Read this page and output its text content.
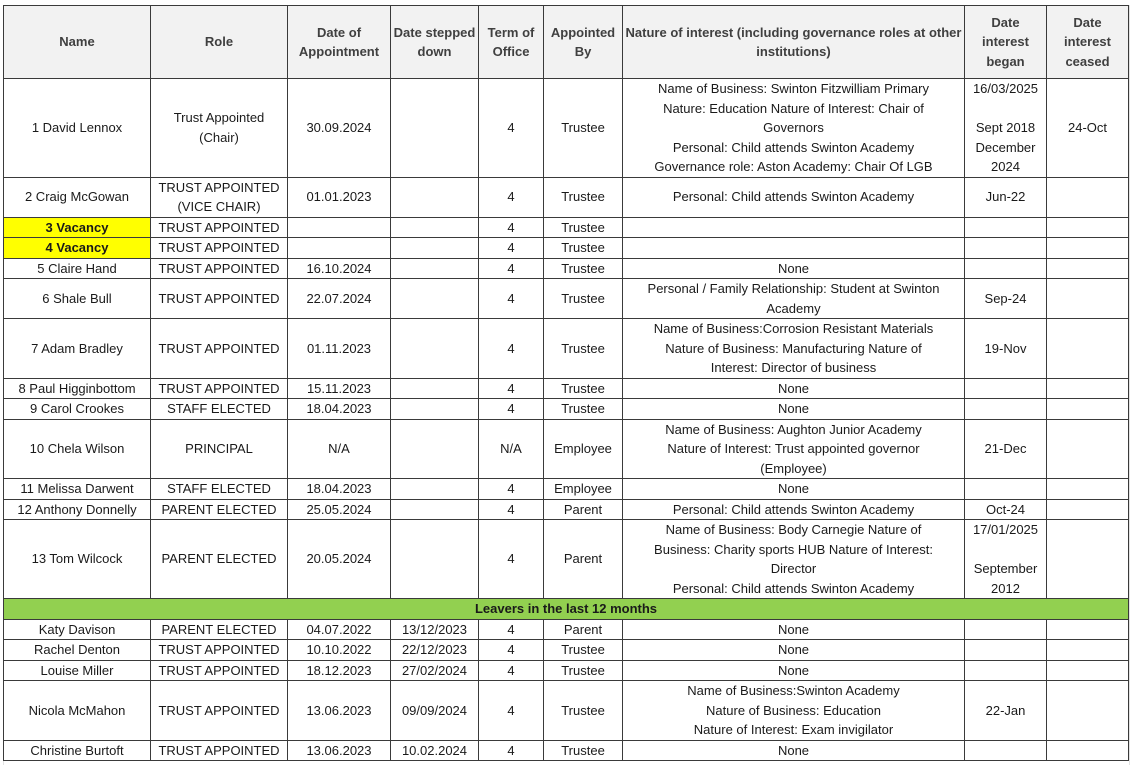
Name	Role	Date of Appointment	Date stepped down	Term of Office	Appointed By	Nature of interest (including governance roles at other institutions)	Date interest began	Date interest ceased
1 David Lennox	Trust Appointed (Chair)	30.09.2024		4	Trustee	Name of Business: Swinton Fitzwilliam Primary
Nature: Education Nature of Interest: Chair of
Governors
Personal: Child attends Swinton Academy
Governance role: Aston Academy: Chair Of LGB	16/03/2025

Sept 2018
December
2024	24-Oct
2 Craig McGowan	TRUST APPOINTED (VICE CHAIR)	01.01.2023		4	Trustee	Personal: Child attends Swinton Academy	Jun-22	

3 Vacancy	TRUST APPOINTED			4	Trustee	

4 Vacancy	TRUST APPOINTED			4	Trustee	

5 Claire Hand	TRUST APPOINTED	16.10.2024		4	Trustee	None		

6 Shale Bull	TRUST APPOINTED	22.07.2024		4	Trustee	Personal / Family Relationship: Student at Swinton
Academy	Sep-24	

7 Adam Bradley	TRUST APPOINTED	01.11.2023		4	Trustee	Name of Business:Corrosion Resistant Materials
Nature of Business: Manufacturing Nature of
Interest: Director of business	19-Nov	

8 Paul Higginbottom	TRUST APPOINTED	15.11.2023		4	Trustee	None		

9 Carol Crookes	STAFF ELECTED	18.04.2023		4	Trustee	None		

10 Chela Wilson	PRINCIPAL	N/A		N/A	Employee	Name of Business: Aughton Junior Academy
Nature of Interest: Trust appointed governor
(Employee)	21-Dec	

11 Melissa Darwent	STAFF ELECTED	18.04.2023		4	Employee	None		

12 Anthony Donnelly	PARENT ELECTED	25.05.2024		4	Parent	Personal: Child attends Swinton Academy	Oct-24	

13 Tom Wilcock	PARENT ELECTED	20.05.2024		4	Parent	Name of Business: Body Carnegie Nature of
Business: Charity sports HUB Nature of Interest:
Director
Personal: Child attends Swinton Academy	17/01/2025

September
2012	

Leavers in the last 12 months								
Katy Davison	PARENT ELECTED	04.07.2022	13/12/2023	4	Parent	None		

Rachel Denton	TRUST APPOINTED	10.10.2022	22/12/2023	4	Trustee	None		

Louise Miller	TRUST APPOINTED	18.12.2023	27/02/2024	4	Trustee	None		

Nicola McMahon	TRUST APPOINTED	13.06.2023	09/09/2024	4	Trustee	Name of Business:Swinton Academy
Nature of Business: Education
Nature of Interest: Exam invigilator	22-Jan	

Christine Burtoft	TRUST APPOINTED	13.06.2023	10.02.2024	4	Trustee	None		
